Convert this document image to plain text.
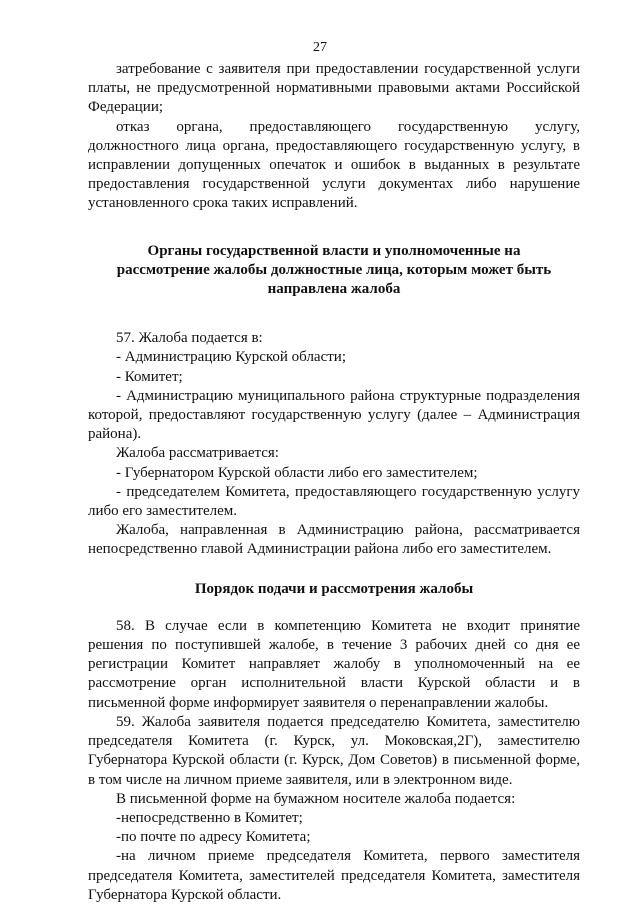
27

затребование с заявителя при предоставлении государственной услуги платы, не предусмотренной нормативными правовыми актами Российской Федерации;

отказ органа, предоставляющего государственную услугу, должностного лица органа, предоставляющего государственную услугу, в исправлении допущенных опечаток и ошибок в выданных в результате предоставления государственной услуги документах либо нарушение установленного срока таких исправлений.

Органы государственной власти и уполномоченные на
рассмотрение жалобы должностные лица, которым может быть
направлена жалоба

57. Жалоба подается в:

- Администрацию Курской области;

- Комитет;

- Администрацию муниципального района структурные подразделения которой, предоставляют государственную услугу (далее – Администрация района).

Жалоба рассматривается:

- Губернатором Курской области либо его заместителем;

- председателем Комитета, предоставляющего государственную услугу либо его заместителем.

Жалоба, направленная в Администрацию района, рассматривается непосредственно главой Администрации района либо его заместителем.

Порядок подачи и рассмотрения жалобы

58. В случае если в компетенцию Комитета не входит принятие решения по поступившей жалобе, в течение 3 рабочих дней со дня ее регистрации Комитет направляет жалобу в уполномоченный на ее рассмотрение орган исполнительной власти Курской области и в письменной форме информирует заявителя о перенаправлении жалобы.

59. Жалоба заявителя подается председателю Комитета, заместителю председателя Комитета (г. Курск, ул. Моковская,2Г), заместителю Губернатора Курской области (г. Курск, Дом Советов) в письменной форме, в том числе на личном приеме заявителя, или в электронном виде.

В письменной форме на бумажном носителе жалоба подается:

-непосредственно в Комитет;

-по почте по адресу Комитета;

-на личном приеме председателя Комитета, первого заместителя председателя Комитета, заместителей председателя Комитета, заместителя Губернатора Курской области.
